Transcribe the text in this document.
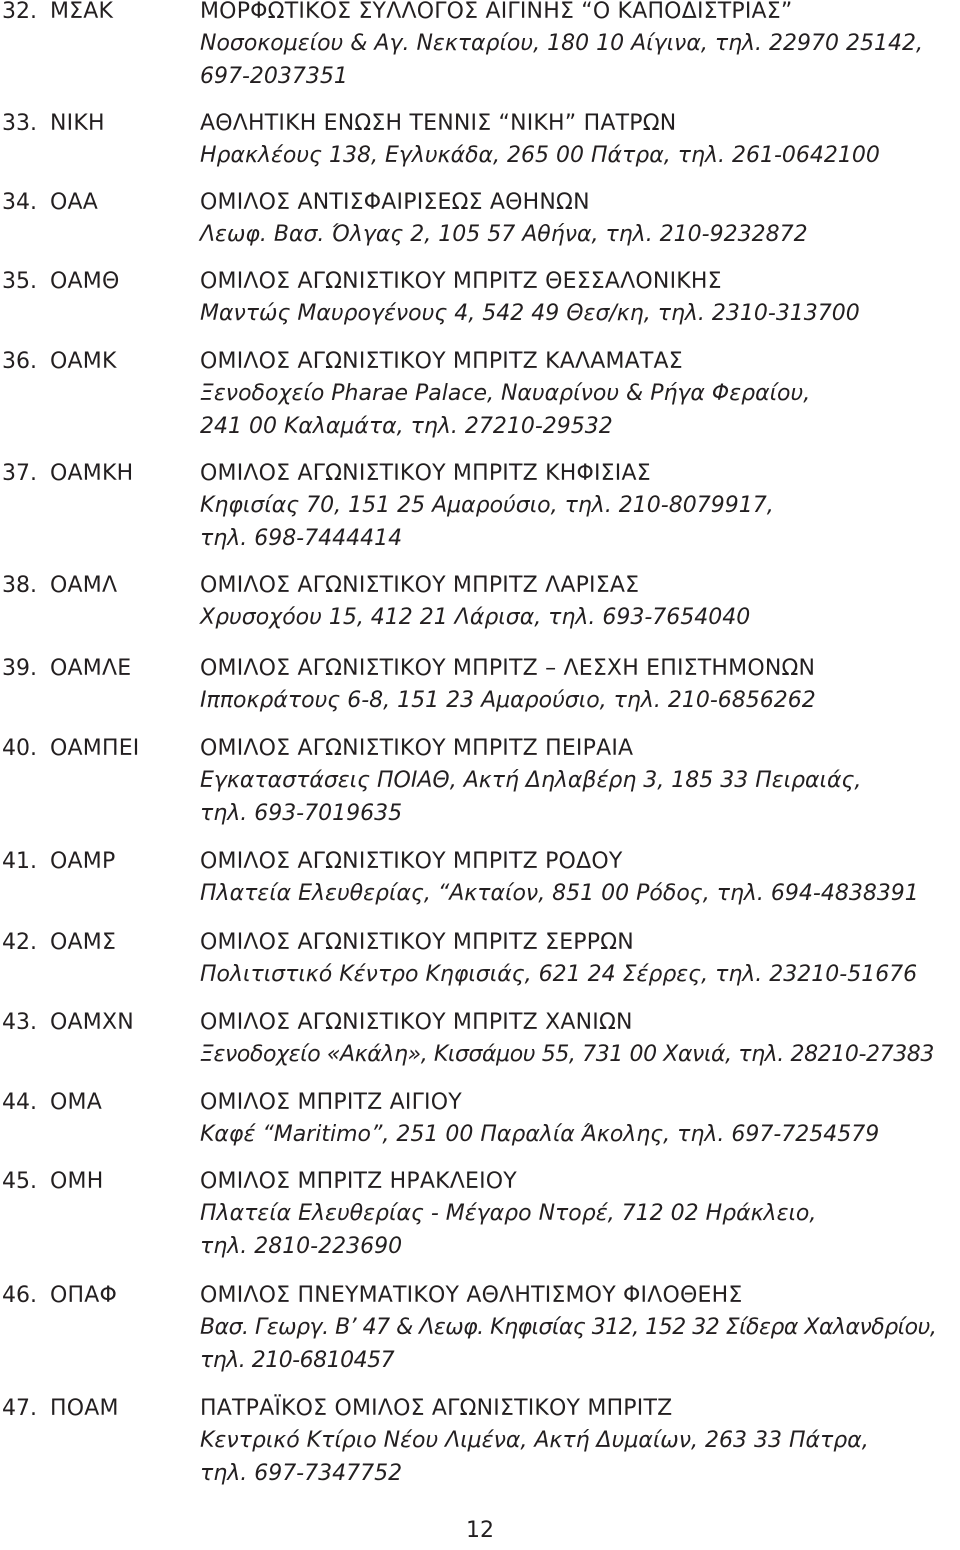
32. ΜΣΑΚ	ΜΟΡΦΩΤΙΚΟΣ ΣΥΛΛΟΓΟΣ ΑΙΓΙΝΗΣ “Ο ΚΑΠΟΔΙΣΤΡΙΑΣ”
Νοσοκομείου & Αγ. Νεκταρίου, 180 10 Αίγινα, τηλ. 22970 25142,
697-2037351
33. ΝΙΚΗ	ΑΘΛΗΤΙΚΗ ΕΝΩΣΗ ΤΕΝΝΙΣ “ΝΙΚΗ” ΠΑΤΡΩΝ
Ηρακλέους 138, Εγλυκάδα, 265 00 Πάτρα, τηλ. 261-0642100
34. ΟΑΑ	ΟΜΙΛΟΣ ΑΝΤΙΣΦΑΙΡΙΣΕΩΣ ΑΘΗΝΩΝ
Λεωφ. Βασ. Όλγας 2, 105 57 Αθήνα, τηλ. 210-9232872
35. ΟΑΜΘ	ΟΜΙΛΟΣ ΑΓΩΝΙΣΤΙΚΟΥ ΜΠΡΙΤΖ ΘΕΣΣΑΛΟΝΙΚΗΣ
Μαντώς Μαυρογένους 4, 542 49 Θεσ/κη, τηλ. 2310-313700
36. ΟΑΜΚ	ΟΜΙΛΟΣ ΑΓΩΝΙΣΤΙΚΟΥ ΜΠΡΙΤΖ ΚΑΛΑΜΑΤΑΣ
Ξενοδοχείο Pharae Palace, Ναυαρίνου & Ρήγα Φεραίου,
241 00 Καλαμάτα, τηλ. 27210-29532
37. ΟΑΜΚΗ	ΟΜΙΛΟΣ ΑΓΩΝΙΣΤΙΚΟΥ ΜΠΡΙΤΖ ΚΗΦΙΣΙΑΣ
Κηφισίας 70, 151 25 Αμαρούσιο, τηλ. 210-8079917,
τηλ. 698-7444414
38. ΟΑΜΛ	ΟΜΙΛΟΣ ΑΓΩΝΙΣΤΙΚΟΥ ΜΠΡΙΤΖ ΛΑΡΙΣΑΣ
Χρυσοχόου 15, 412 21 Λάρισα, τηλ. 693-7654040
39. ΟΑΜΛΕ	ΟΜΙΛΟΣ ΑΓΩΝΙΣΤΙΚΟΥ ΜΠΡΙΤΖ – ΛΕΣΧΗ ΕΠΙΣΤΗΜΟΝΩΝ
Ιπποκράτους 6-8, 151 23 Αμαρούσιο, τηλ. 210-6856262
40. ΟΑΜΠΕΙ	ΟΜΙΛΟΣ ΑΓΩΝΙΣΤΙΚΟΥ ΜΠΡΙΤΖ ΠΕΙΡΑΙΑ
Εγκαταστάσεις ΠΟΙΑΘ, Ακτή Δηλαβέρη 3, 185 33 Πειραιάς,
τηλ. 693-7019635
41. ΟΑΜΡ	ΟΜΙΛΟΣ ΑΓΩΝΙΣΤΙΚΟΥ ΜΠΡΙΤΖ ΡΟΔΟΥ
Πλατεία Ελευθερίας, “Ακταίον, 851 00 Ρόδος, τηλ. 694-4838391
42. ΟΑΜΣ	ΟΜΙΛΟΣ ΑΓΩΝΙΣΤΙΚΟΥ ΜΠΡΙΤΖ ΣΕΡΡΩΝ
Πολιτιστικό Κέντρο Κηφισιάς, 621 24 Σέρρες, τηλ. 23210-51676
43. ΟΑΜΧΝ	ΟΜΙΛΟΣ ΑΓΩΝΙΣΤΙΚΟΥ ΜΠΡΙΤΖ ΧΑΝΙΩΝ
Ξενοδοχείο «Ακάλη», Κισσάμου 55, 731 00 Χανιά, τηλ. 28210-27383
44. ΟΜΑ	ΟΜΙΛΟΣ ΜΠΡΙΤΖ ΑΙΓΙΟΥ
Καφέ “Maritimo”, 251 00 Παραλία Άκολης, τηλ. 697-7254579
45. ΟΜΗ	ΟΜΙΛΟΣ ΜΠΡΙΤΖ ΗΡΑΚΛΕΙΟΥ
Πλατεία Ελευθερίας - Μέγαρο Ντορέ, 712 02 Ηράκλειο,
τηλ. 2810-223690
46. ΟΠΑΦ	ΟΜΙΛΟΣ ΠΝΕΥΜΑΤΙΚΟΥ ΑΘΛΗΤΙΣΜΟΥ ΦΙΛΟΘΕΗΣ
Βασ. Γεωργ. Β’ 47 & Λεωφ. Κηφισίας 312, 152 32 Σίδερα Χαλανδρίου,
τηλ. 210-6810457
47. ΠΟΑΜ	ΠΑΤΡΑΪΚΟΣ ΟΜΙΛΟΣ ΑΓΩΝΙΣΤΙΚΟΥ ΜΠΡΙΤΖ
Κεντρικό Κτίριο Νέου Λιμένα, Ακτή Δυμαίων, 263 33 Πάτρα,
τηλ. 697-7347752
12
